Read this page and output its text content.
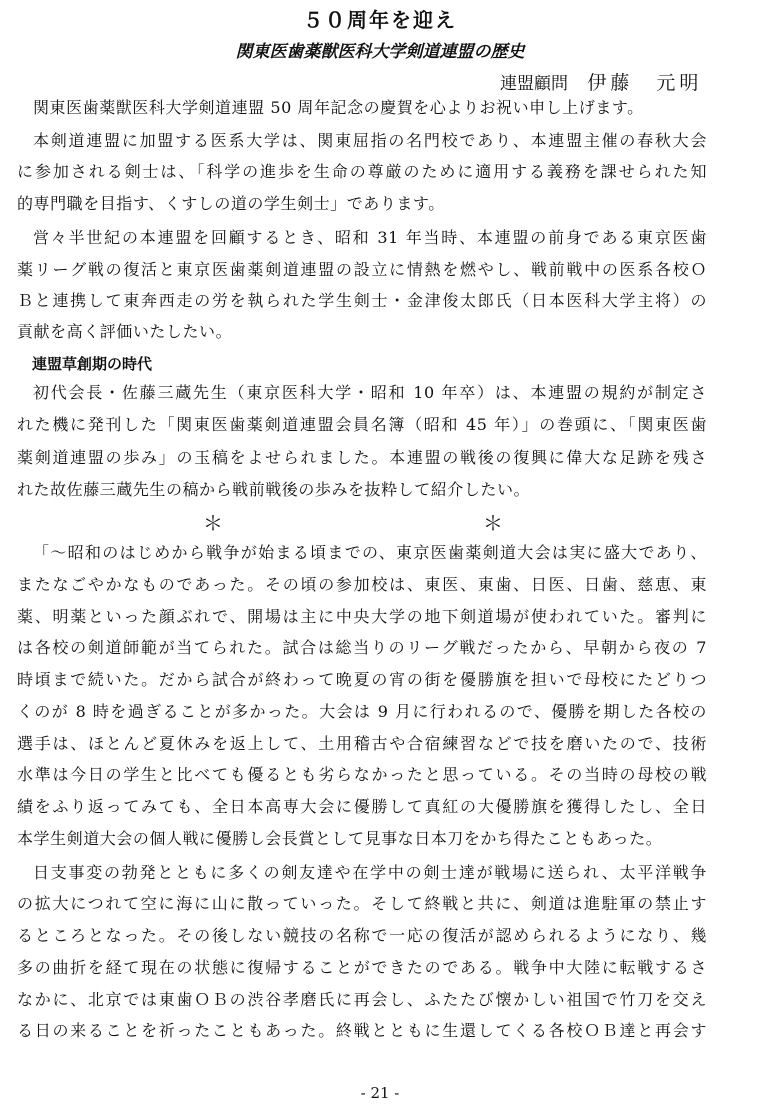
５０周年を迎え
関東医歯薬獣医科大学剣道連盟の歴史
連盟顧問 伊藤　元明
関東医歯薬獣医科大学剣道連盟 50 周年記念の慶賀を心よりお祝い申し上げます。
本剣道連盟に加盟する医系大学は、関東屈指の名門校であり、本連盟主催の春秋大会
に参加される剣士は、「科学の進歩を生命の尊厳のために適用する義務を課せられた知
的専門職を目指す、くすしの道の学生剣士」であります。
営々半世紀の本連盟を回顧するとき、昭和 31 年当時、本連盟の前身である東京医歯
薬リーグ戦の復活と東京医歯薬剣道連盟の設立に情熱を燃やし、戦前戦中の医系各校Ｏ
Ｂと連携して東奔西走の労を執られた学生剣士・金津俊太郎氏（日本医科大学主将）の
貢献を高く評価いたしたい。
連盟草創期の時代
初代会長・佐藤三蔵先生（東京医科大学・昭和 10 年卒）は、本連盟の規約が制定さ
れた機に発刊した「関東医歯薬剣道連盟会員名簿（昭和 45 年）」の巻頭に、「関東医歯
薬剣道連盟の歩み」の玉稿をよせられました。本連盟の戦後の復興に偉大な足跡を残さ
れた故佐藤三蔵先生の稿から戦前戦後の歩みを抜粋して紹介したい。
＊	＊
「～昭和のはじめから戦争が始まる頃までの、東京医歯薬剣道大会は実に盛大であり、
またなごやかなものであった。その頃の参加校は、東医、東歯、日医、日歯、慈恵、東
薬、明薬といった顔ぶれで、開場は主に中央大学の地下剣道場が使われていた。審判に
は各校の剣道師範が当てられた。試合は総当りのリーグ戦だったから、早朝から夜の 7
時頃まで続いた。だから試合が終わって晩夏の宵の街を優勝旗を担いで母校にたどりつ
くのが 8 時を過ぎることが多かった。大会は 9 月に行われるので、優勝を期した各校の
選手は、ほとんど夏休みを返上して、土用稽古や合宿練習などで技を磨いたので、技術
水準は今日の学生と比べても優るとも劣らなかったと思っている。その当時の母校の戦
績をふり返ってみても、全日本高専大会に優勝して真紅の大優勝旗を獲得したし、全日
本学生剣道大会の個人戦に優勝し会長賞として見事な日本刀をかち得たこともあった。
日支事変の勃発とともに多くの剣友達や在学中の剣士達が戦場に送られ、太平洋戦争
の拡大につれて空に海に山に散っていった。そして終戦と共に、剣道は進駐軍の禁止す
るところとなった。その後しない競技の名称で一応の復活が認められるようになり、幾
多の曲折を経て現在の状態に復帰することができたのである。戦争中大陸に転戦するさ
なかに、北京では東歯ＯＢの渋谷孝磨氏に再会し、ふたたび懐かしい祖国で竹刀を交え
る日の来ることを祈ったこともあった。終戦とともに生還してくる各校ＯＢ達と再会す
- 21 -
